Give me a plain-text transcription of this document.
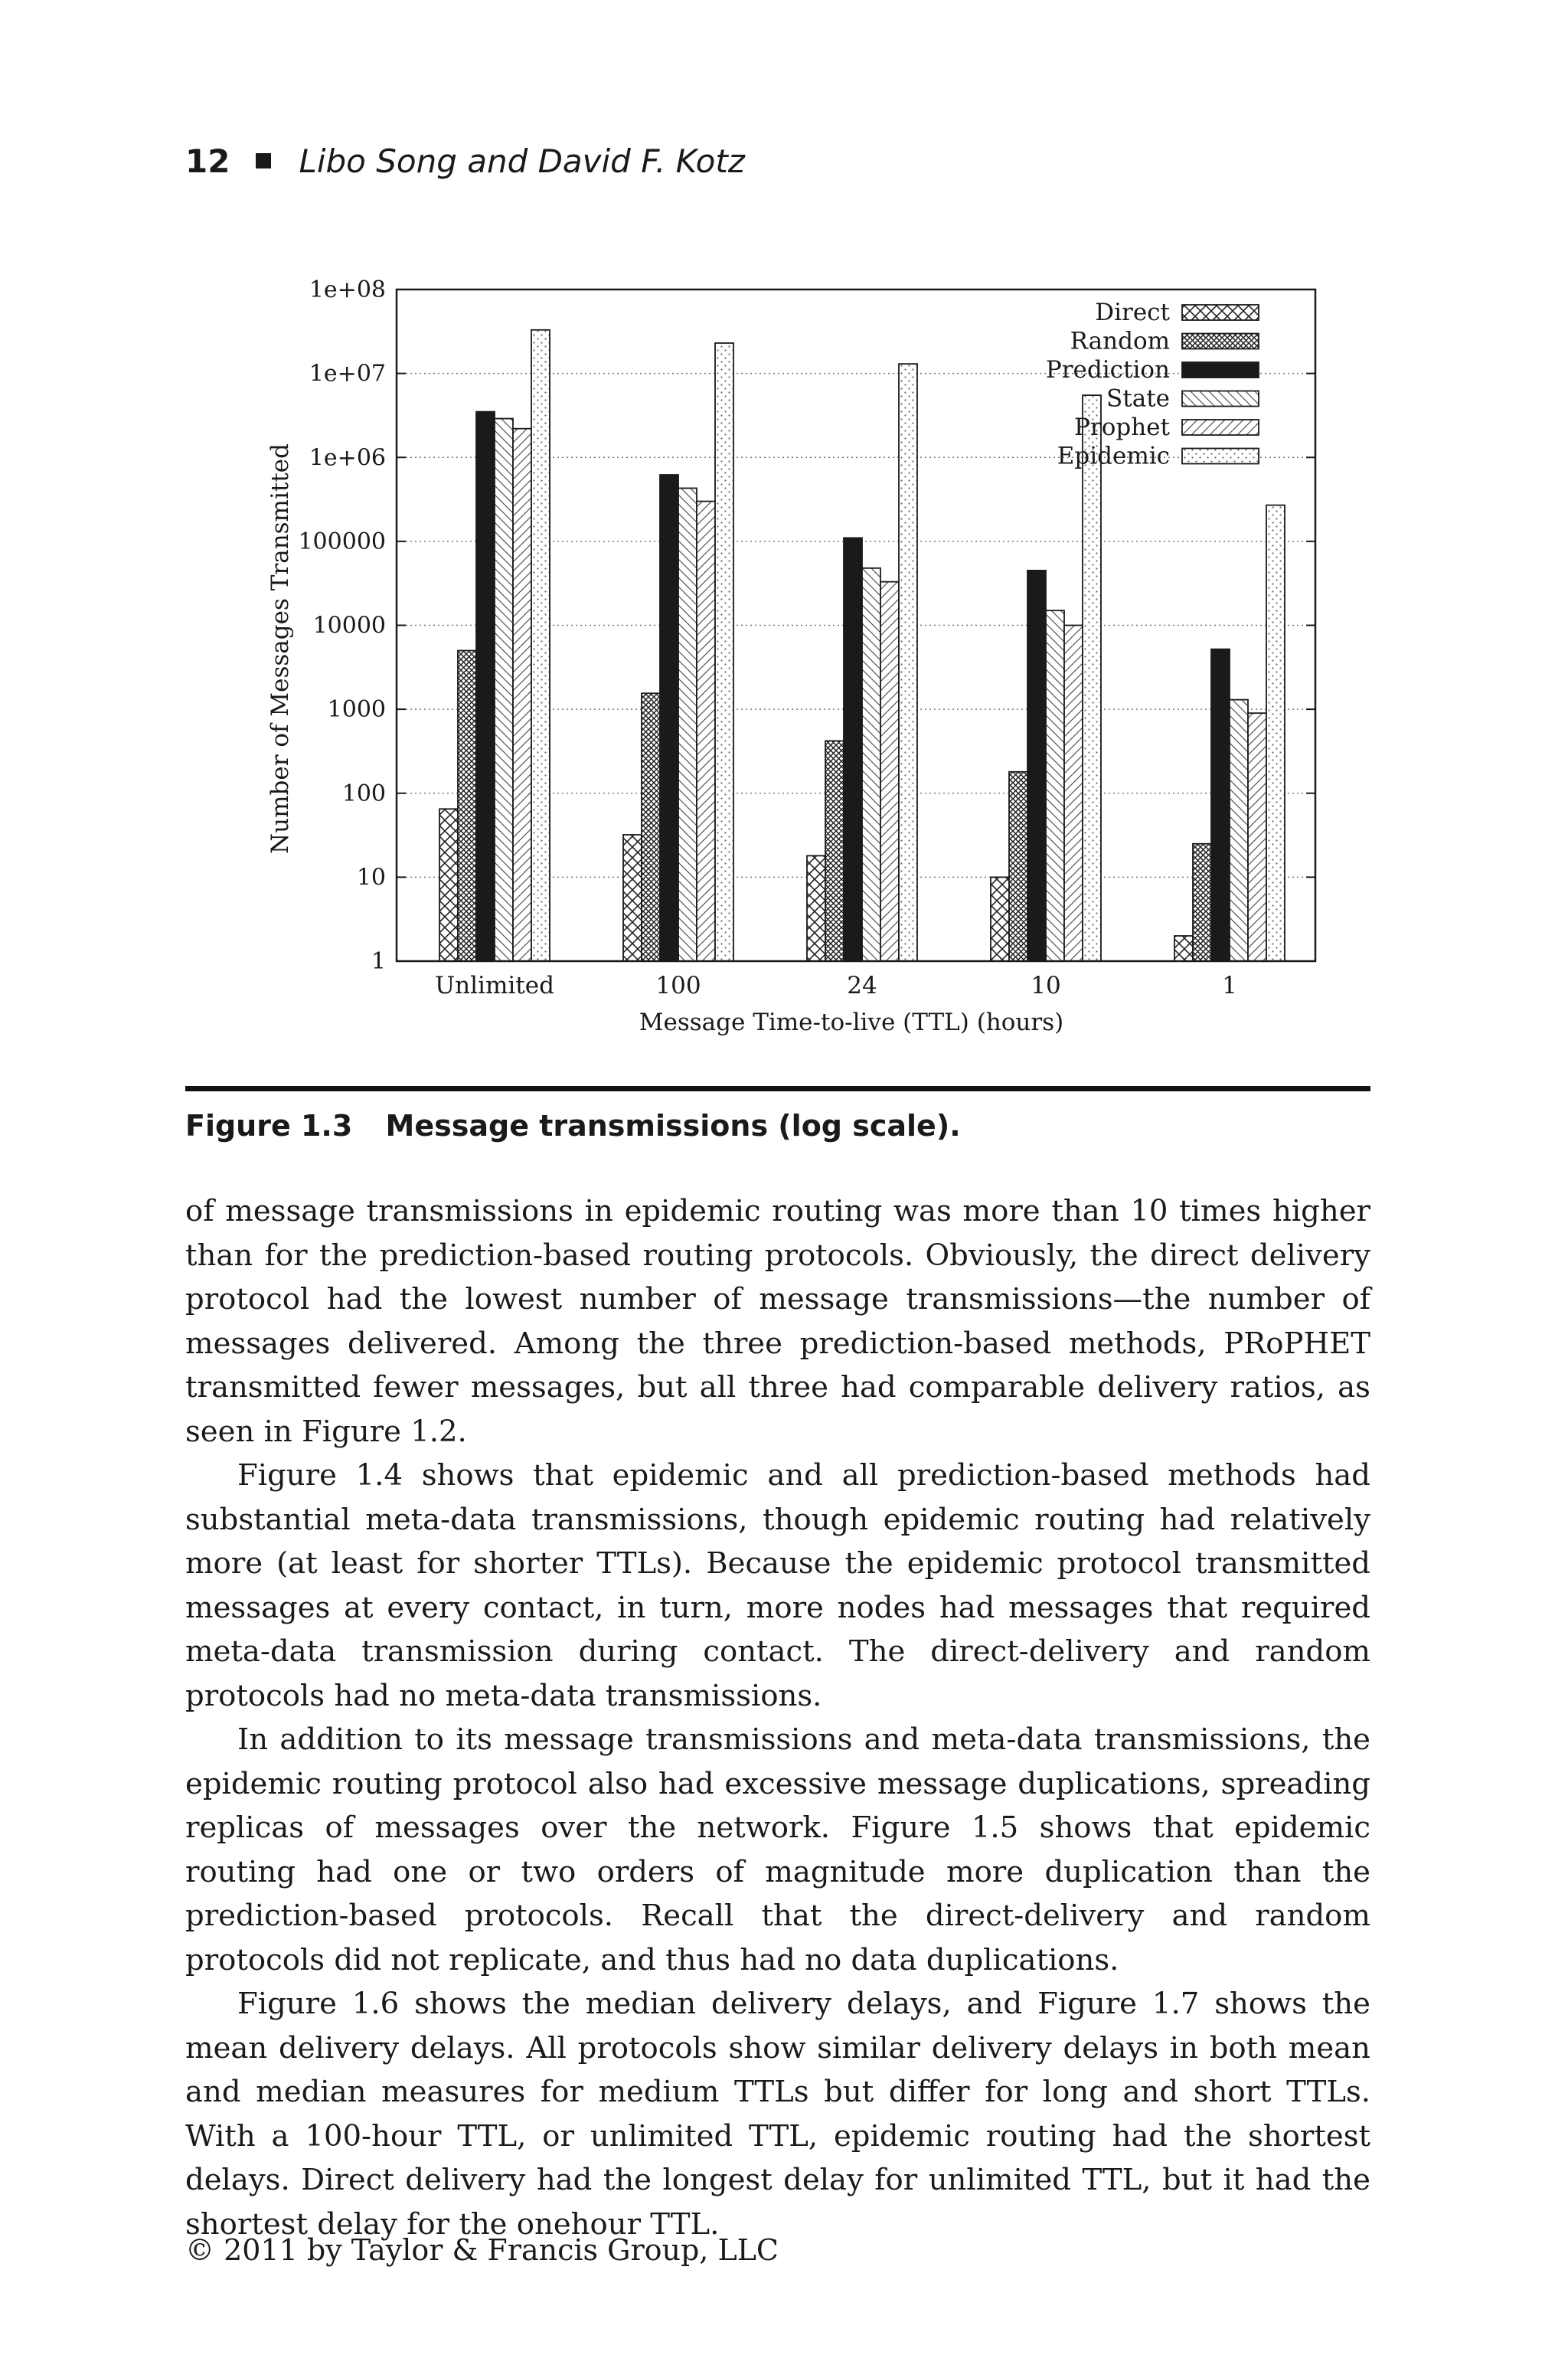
12 Libo Song and David F. Kotz
1
10
100
1000
10000
100000
1e+06
1e+07
1e+08
Unlimited	100	24	10	1
Direct
Random
Prediction
State
Prophet
Epidemic
Message Time-to-live (TTL) (hours)
Number of Messages Transmitted
Figure 1.3 Message transmissions (log scale).

of message transmissions in epidemic routing was more than 10 times higher than for the prediction-based routing protocols. Obviously, the direct delivery protocol had the lowest number of message transmissions—the number of messages delivered. Among the three prediction-based methods, PRoPHET transmitted fewer messages, but all three had comparable delivery ratios, as seen in Figure 1.2.

Figure 1.4 shows that epidemic and all prediction-based methods had substantial meta-data transmissions, though epidemic routing had relatively more (at least for shorter TTLs). Because the epidemic protocol transmitted messages at every contact, in turn, more nodes had messages that required meta-data transmission during contact. The direct-delivery and random protocols had no meta-data transmissions.

In addition to its message transmissions and meta-data transmissions, the epidemic routing protocol also had excessive message duplications, spreading replicas of messages over the network. Figure 1.5 shows that epidemic routing had one or two orders of magnitude more duplication than the prediction-based protocols. Recall that the direct-delivery and random protocols did not replicate, and thus had no data duplications.

Figure 1.6 shows the median delivery delays, and Figure 1.7 shows the mean delivery delays. All protocols show similar delivery delays in both mean and median measures for medium TTLs but differ for long and short TTLs. With a 100-hour TTL, or unlimited TTL, epidemic routing had the shortest delays. Direct delivery had the longest delay for unlimited TTL, but it had the shortest delay for the onehour TTL.

© 2011 by Taylor & Francis Group, LLC
